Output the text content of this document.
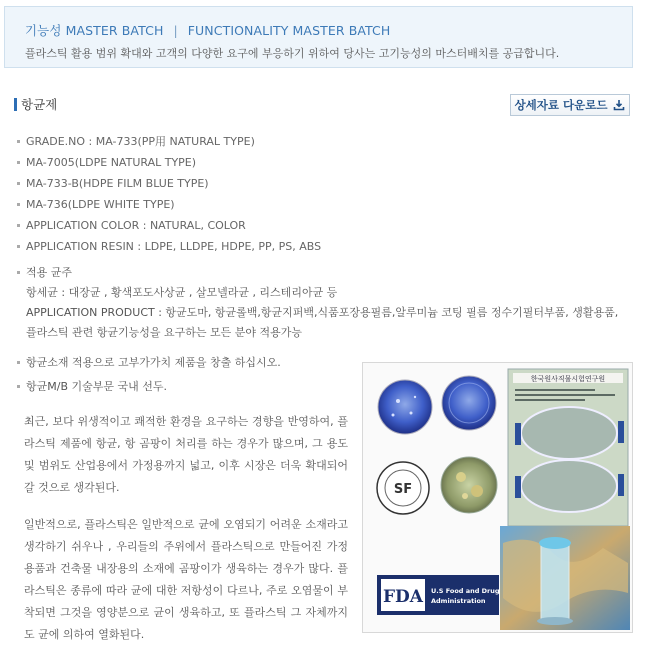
기능성 MASTER BATCH | FUNCTIONALITY MASTER BATCH
플라스틱 활용 범위 확대와 고객의 다양한 요구에 부응하기 위하여 당사는 고기능성의 마스터배치를 공급합니다.
항균제	상세자료 다운로드
GRADE.NO : MA-733(PP用 NATURAL TYPE)
MA-7005(LDPE NATURAL TYPE)
MA-733-B(HDPE FILM BLUE TYPE)
MA-736(LDPE WHITE TYPE)
APPLICATION COLOR : NATURAL, COLOR
APPLICATION RESIN : LDPE, LLDPE, HDPE, PP, PS, ABS
적용 균주
항세균 : 대장균 , 황색포도사상균 , 살모넬라균 , 리스테리아균 등
APPLICATION PRODUCT : 항균도마, 항균롤백,항균지퍼백,식품포장용필름,알루미늄 코팅 필름 정수기필터부품, 생활용품,
플라스틱 관련 항균기능성을 요구하는 모든 분야 적용가능
항균소재 적용으로 고부가가치 제품을 창출 하십시오.
항균M/B 기술부문 국내 선두.
최근, 보다 위생적이고 쾌적한 환경을 요구하는 경향을 반영하여, 플라스틱 제품에 항균, 항 곰팡이 처리를 하는 경우가 많으며, 그 용도 및 범위도 산업용에서 가정용까지 넓고, 이후 시장은 더욱 확대되어 갈 것으로 생각된다.
일반적으로, 플라스틱은 일반적으로 균에 오염되기 어려운 소재라고 생각하기 쉬우나 , 우리들의 주위에서 플라스틱으로 만들어진 가정용품과 건축물 내장용의 소재에 곰팡이가 생육하는 경우가 많다. 플라스틱은 종류에 따라 균에 대한 저항성이 다르나, 주로 오염물이 부착되면 그것을 영양분으로 균이 생육하고, 또 플라스틱 그 자체까지도 균에 의하여 열화된다.
한국원사직물시험연구원
SF
FDA U.S Food and Drug
Administration
